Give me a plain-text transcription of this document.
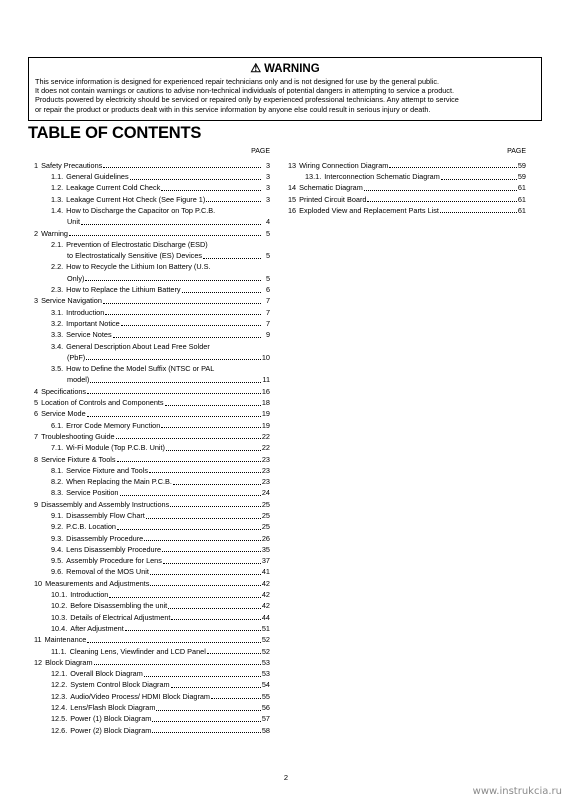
⚠ WARNING
This service information is designed for experienced repair technicians only and is not designed for use by the general public.
It does not contain warnings or cautions to advise non-technical individuals of potential dangers in attempting to service a product.
Products powered by electricity should be serviced or repaired only by experienced professional technicians. Any attempt to service
or repair the product or products dealt with in this service information by anyone else could result in serious injury or death.
TABLE OF CONTENTS
PAGE
1 Safety Precautions	3
1.1. General Guidelines	3
1.2. Leakage Current Cold Check	3
1.3. Leakage Current Hot Check (See Figure 1)	3
1.4. How to Discharge the Capacitor on Top P.C.B.
Unit	4
2 Warning	5
2.1. Prevention of Electrostatic Discharge (ESD)
to Electrostatically Sensitive (ES) Devices	5
2.2. How to Recycle the Lithium Ion Battery (U.S.
Only)	5
2.3. How to Replace the Lithium Battery	6
3 Service Navigation	7
3.1. Introduction	7
3.2. Important Notice	7
3.3. Service Notes	9
3.4. General Description About Lead Free Solder
(PbF)	10
3.5. How to Define the Model Suffix (NTSC or PAL
model)	11
4 Specifications	16
5 Location of Controls and Components	18
6 Service Mode	19
6.1. Error Code Memory Function	19
7 Troubleshooting Guide	22
7.1. Wi-Fi Module (Top P.C.B. Unit)	22
8 Service Fixture & Tools	23
8.1. Service Fixture and Tools	23
8.2. When Replacing the Main P.C.B.	23
8.3. Service Position	24
9 Disassembly and Assembly Instructions	25
9.1. Disassembly Flow Chart	25
9.2. P.C.B. Location	25
9.3. Disassembly Procedure	26
9.4. Lens Disassembly Procedure	35
9.5. Assembly Procedure for Lens	37
9.6. Removal of the MOS Unit	41
10 Measurements and Adjustments	42
10.1. Introduction	42
10.2. Before Disassembling the unit	42
10.3. Details of Electrical Adjustment	44
10.4. After Adjustment	51
11 Maintenance	52
11.1. Cleaning Lens, Viewfinder and LCD Panel	52
12 Block Diagram	53
12.1. Overall Block Diagram	53
12.2. System Control Block Diagram	54
12.3. Audio/Video Process/ HDMI Block Diagram	55
12.4. Lens/Flash Block Diagram	56
12.5. Power (1) Block Diagram	57
12.6. Power (2) Block Diagram	58
PAGE
13 Wiring Connection Diagram	59
13.1. Interconnection Schematic Diagram	59
14 Schematic Diagram	61
15 Printed Circuit Board	61
16 Exploded View and Replacement Parts List	61
2
www.instrukcia.ru
